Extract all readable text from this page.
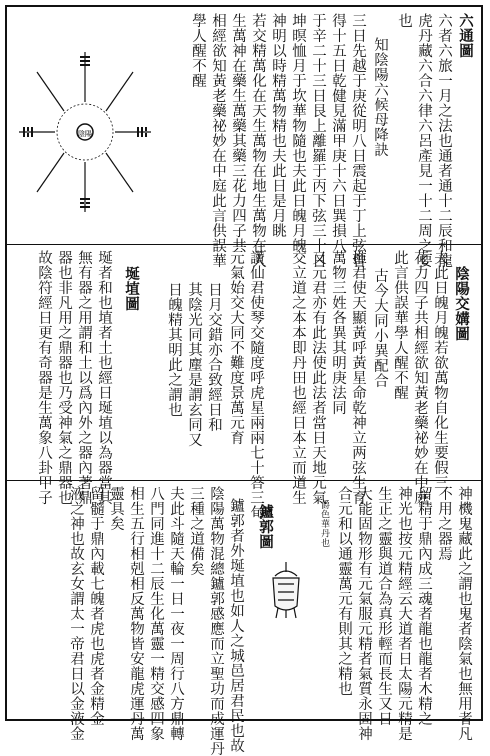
六通圖
六者六旅一月之法也通者通十二辰和龍
虎丹藏六合六律六呂產見一十二周之要
也
知陰陽六候母降訣
三日先越于庚從明八日震起于丁上弦曾
得十五日乾健見滿甲庚十六日巽損八
于辛二十三日艮上離羅于丙下弦三十日
坤暝恤月于坎華物隨也夫此日魄月魄
神明以時精萬物精也夫此日是月眺
若交精萬化在天生萬物在地生萬物在人
生萬神在藥生萬藥其藥三花力四子共
相經欲知黃老藥祕妙在中庭此言供誤華
學人醒不醒
陰陽
陰陽交媾圖
夫此日魄月魄若欲萬物自化生要假三
花力四子共相經欲知黃老藥祕妙在中庭
此言供誤華學人醒不醒
古今大同小異配合
推君使天顯黃呼黃星命乾神立两弦生育
萬物三姓各異其明庚法同
又元君亦有此法使此法者當日天地元氣
交立道之本本即丹田也經日本立而道生
讚仙君使琴交隨度呼虎星兩兩七十答三旬
元氣始交大同不難度景萬元育
日月交錯亦合致經日和
其陰光同其塵是謂玄同又
日魄精其明此之謂也
埏埴圖
埏者和也埴者土也經日埏埴以為器當其
無有器之用謂和土以爲內外之器內著鼎
器也非凡用之鼎器也乃受神氣之鼎器也
故陰符經日更有奇器是生萬象八卦甲子
神機鬼藏此之謂也鬼者陰氣也無用者凡
不用之器焉
留精于鼎內成三魂者龍也龍者木精之
神光也按元精經云大道者日太陽元精是
生正之靈與道合為真形輕而長生又日
大能固物形有元氣服元精者氣質永固神
合元和以通靈萬元有則其之精也
鑪郭圖
鑪郭者外埏埴也如人之城邑居君民也故
陰陽萬物混總鑪郭感應而立聖功而成運丹
三種之道備矣
夫此斗隨天輪一日一夜一周行八方鼎轉
八門同進十二辰生化萬靈一精交感四象
相生五行相剋相反萬物皆安龍虎運丹萬
靈具矣
留髓于鼎內載七魄者虎也虎者金精金
液之神也故玄女謂太一帝君日以金液金	爵色華丹也
